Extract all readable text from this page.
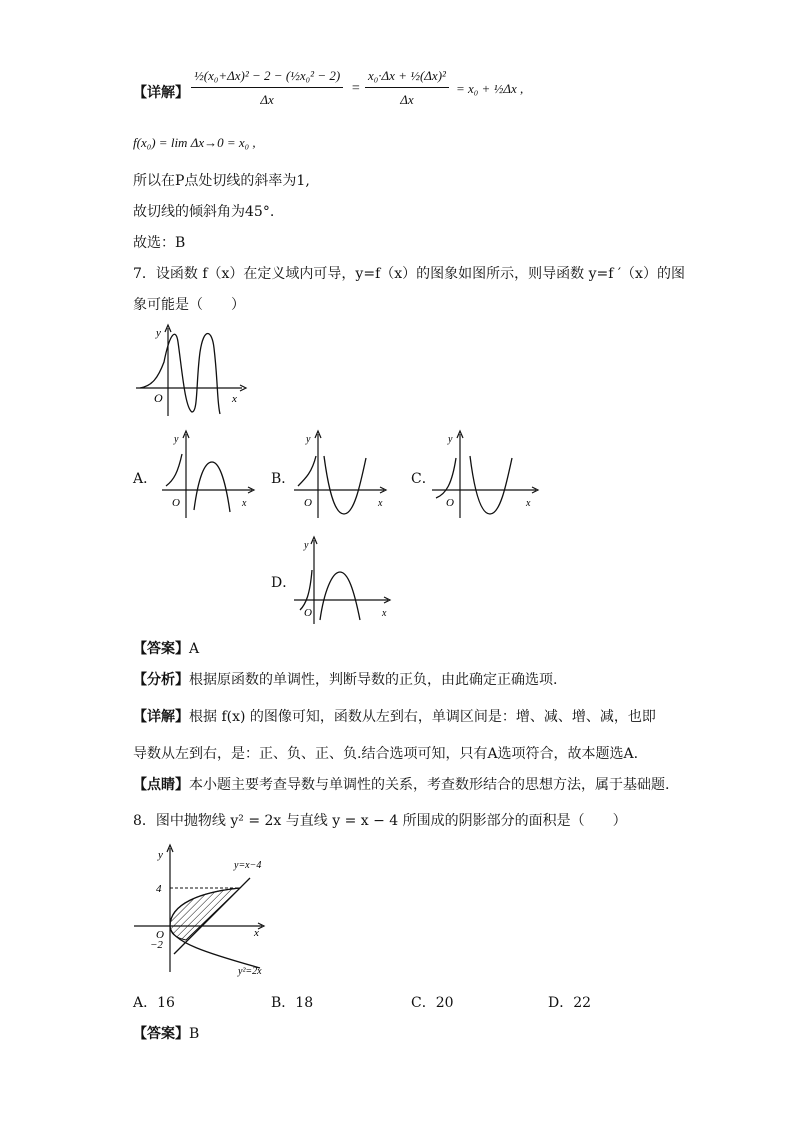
【详解】 $\frac{\text{½(x₀+Δx)² − 2 − (½x₀² − 2)}}{\Delta x} = \frac{\text{x₀·Δx + ½(Δx)²}}{\Delta x} = x_0$ + ½Δx ,
f(x₀) = lim Δx→0 = x₀ ,
所以在P点处切线的斜率为1,
故切线的倾斜角为45°.
故选：B
7．设函数 f（x）在定义域内可导，y=f（x）的图象如图所示，则导函数 y=f ′（x）的图
象可能是（　　）
y
x
O
A．
y
x
O
B．
y
x
O
C．
y
x
O
D．
y
x
O
【答案】A
【分析】根据原函数的单调性，判断导数的正负，由此确定正确选项.
【详解】根据 f(x) 的图像可知，函数从左到右，单调区间是：增、减、增、减，也即
导数从左到右，是：正、负、正、负.结合选项可知，只有A选项符合，故本题选A.
【点睛】本小题主要考查导数与单调性的关系，考查数形结合的思想方法，属于基础题.
8．图中抛物线 y² = 2x 与直线 y = x − 4 所围成的阴影部分的面积是（　　）
y
x
O
4
−2
y=x−4
y²=2x
A．16	B．18	C．20	D．22
【答案】B
